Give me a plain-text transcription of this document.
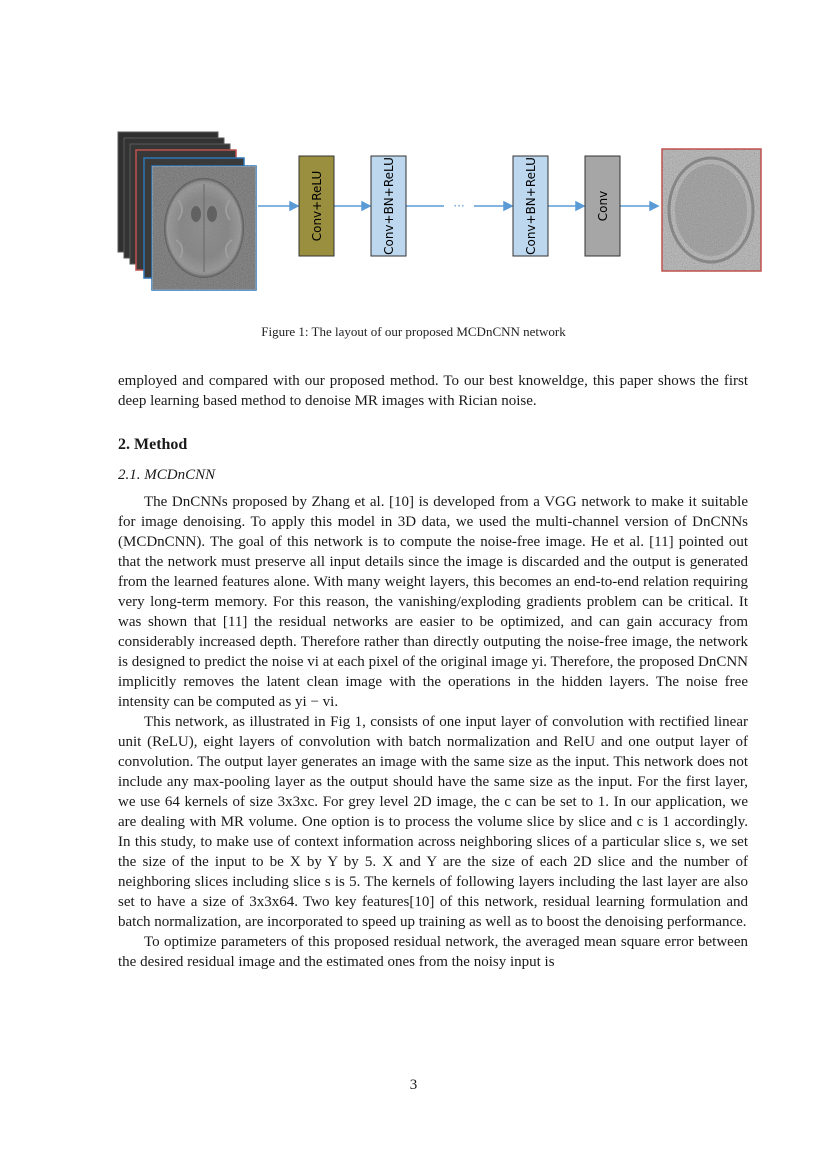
Conv+ReLU	Conv+BN+ReLU	···	Conv+BN+ReLU	Conv
Figure 1: The layout of our proposed MCDnCNN network

employed and compared with our proposed method. To our best knoweldge, this paper shows the first deep learning based method to denoise MR images with Rician noise.

2. Method
2.1. MCDnCNN

The DnCNNs proposed by Zhang et al. [10] is developed from a VGG network to make it suitable for image denoising. To apply this model in 3D data, we used the multi-channel version of DnCNNs (MCDnCNN). The goal of this network is to compute the noise-free image. He et al. [11] pointed out that the network must preserve all input details since the image is discarded and the output is generated from the learned features alone. With many weight layers, this becomes an end-to-end relation requiring very long-term memory. For this reason, the vanishing/exploding gradients problem can be critical. It was shown that [11] the residual networks are easier to be optimized, and can gain accuracy from considerably increased depth. Therefore rather than directly outputing the noise-free image, the network is designed to predict the noise vi at each pixel of the original image yi. Therefore, the proposed DnCNN implicitly removes the latent clean image with the operations in the hidden layers. The noise free intensity can be computed as yi − vi.

This network, as illustrated in Fig 1, consists of one input layer of convolution with rectified linear unit (ReLU), eight layers of convolution with batch normalization and RelU and one output layer of convolution. The output layer generates an image with the same size as the input. This network does not include any max-pooling layer as the output should have the same size as the input. For the first layer, we use 64 kernels of size 3x3xc. For grey level 2D image, the c can be set to 1. In our application, we are dealing with MR volume. One option is to process the volume slice by slice and c is 1 accordingly. In this study, to make use of context information across neighboring slices of a particular slice s, we set the size of the input to be X by Y by 5. X and Y are the size of each 2D slice and the number of neighboring slices including slice s is 5. The kernels of following layers including the last layer are also set to have a size of 3x3x64. Two key features[10] of this network, residual learning formulation and batch normalization, are incorporated to speed up training as well as to boost the denoising performance.

To optimize parameters of this proposed residual network, the averaged mean square error between the desired residual image and the estimated ones from the noisy input is

3
